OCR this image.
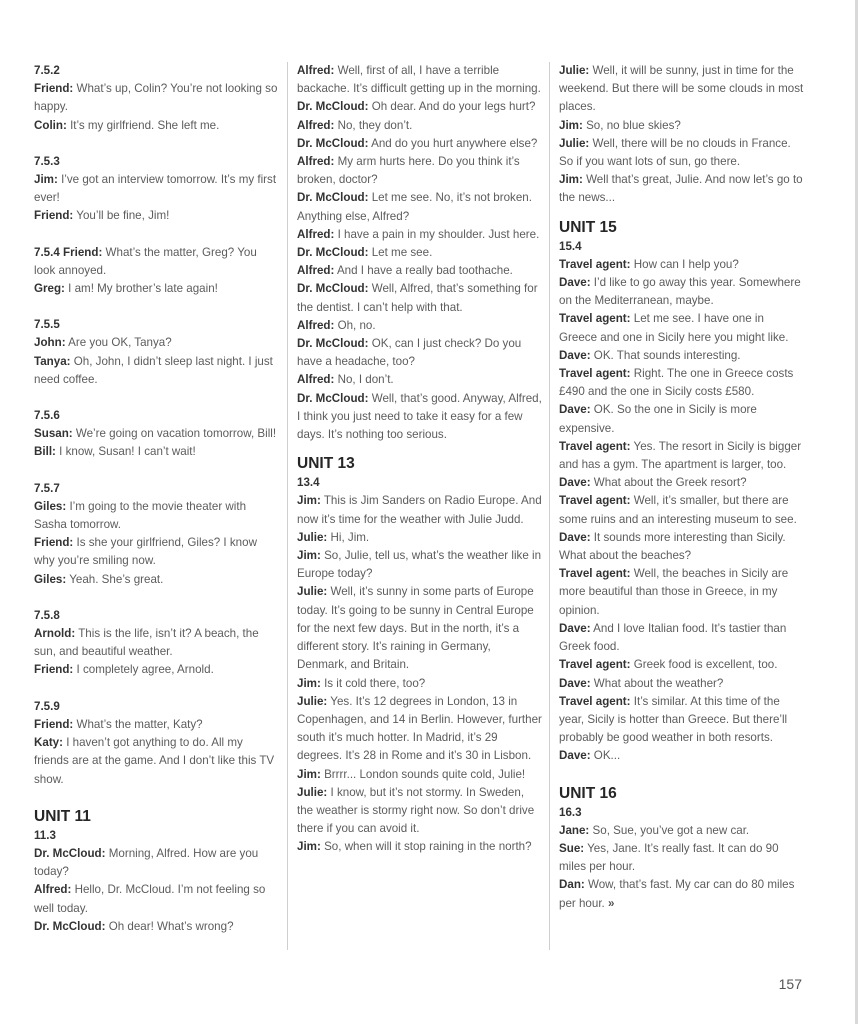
7.5.2
Friend: What’s up, Colin? You’re not looking so happy.
Colin: It’s my girlfriend. She left me.
7.5.3
Jim: I’ve got an interview tomorrow. It’s my first ever!
Friend: You’ll be fine, Jim!
7.5.4 Friend: What’s the matter, Greg? You look annoyed.
Greg: I am! My brother’s late again!
7.5.5
John: Are you OK, Tanya?
Tanya: Oh, John, I didn’t sleep last night. I just need coffee.
7.5.6
Susan: We’re going on vacation tomorrow, Bill!
Bill: I know, Susan! I can’t wait!
7.5.7
Giles: I’m going to the movie theater with Sasha tomorrow.
Friend: Is she your girlfriend, Giles? I know why you’re smiling now.
Giles: Yeah. She’s great.
7.5.8
Arnold: This is the life, isn’t it? A beach, the sun, and beautiful weather.
Friend: I completely agree, Arnold.
7.5.9
Friend: What’s the matter, Katy?
Katy: I haven’t got anything to do. All my friends are at the game. And I don’t like this TV show.
UNIT 11
11.3
Dr. McCloud: Morning, Alfred. How are you today?
Alfred: Hello, Dr. McCloud. I’m not feeling so well today.
Dr. McCloud: Oh dear! What’s wrong?
Alfred: Well, first of all, I have a terrible backache. It’s difficult getting up in the morning.
Dr. McCloud: Oh dear. And do your legs hurt?
Alfred: No, they don’t.
Dr. McCloud: And do you hurt anywhere else?
Alfred: My arm hurts here. Do you think it’s broken, doctor?
Dr. McCloud: Let me see. No, it’s not broken. Anything else, Alfred?
Alfred: I have a pain in my shoulder. Just here.
Dr. McCloud: Let me see.
Alfred: And I have a really bad toothache.
Dr. McCloud: Well, Alfred, that’s something for the dentist. I can’t help with that.
Alfred: Oh, no.
Dr. McCloud: OK, can I just check? Do you have a headache, too?
Alfred: No, I don’t.
Dr. McCloud: Well, that’s good. Anyway, Alfred, I think you just need to take it easy for a few days. It’s nothing too serious.
UNIT 13
13.4
Jim: This is Jim Sanders on Radio Europe. And now it’s time for the weather with Julie Judd.
Julie: Hi, Jim.
Jim: So, Julie, tell us, what’s the weather like in Europe today?
Julie: Well, it’s sunny in some parts of Europe today. It’s going to be sunny in Central Europe for the next few days. But in the north, it’s a different story. It’s raining in Germany, Denmark, and Britain.
Jim: Is it cold there, too?
Julie: Yes. It’s 12 degrees in London, 13 in Copenhagen, and 14 in Berlin. However, further south it’s much hotter. In Madrid, it’s 29 degrees. It’s 28 in Rome and it’s 30 in Lisbon.
Jim: Brrrr... London sounds quite cold, Julie!
Julie: I know, but it’s not stormy. In Sweden, the weather is stormy right now. So don’t drive there if you can avoid it.
Jim: So, when will it stop raining in the north?
Julie: Well, it will be sunny, just in time for the weekend. But there will be some clouds in most places.
Jim: So, no blue skies?
Julie: Well, there will be no clouds in France. So if you want lots of sun, go there.
Jim: Well that’s great, Julie. And now let’s go to the news...
UNIT 15
15.4
Travel agent: How can I help you?
Dave: I’d like to go away this year. Somewhere on the Mediterranean, maybe.
Travel agent: Let me see. I have one in Greece and one in Sicily here you might like.
Dave: OK. That sounds interesting.
Travel agent: Right. The one in Greece costs £490 and the one in Sicily costs £580.
Dave: OK. So the one in Sicily is more expensive.
Travel agent: Yes. The resort in Sicily is bigger and has a gym. The apartment is larger, too.
Dave: What about the Greek resort?
Travel agent: Well, it’s smaller, but there are some ruins and an interesting museum to see.
Dave: It sounds more interesting than Sicily. What about the beaches?
Travel agent: Well, the beaches in Sicily are more beautiful than those in Greece, in my opinion.
Dave: And I love Italian food. It’s tastier than Greek food.
Travel agent: Greek food is excellent, too.
Dave: What about the weather?
Travel agent: It’s similar. At this time of the year, Sicily is hotter than Greece. But there’ll probably be good weather in both resorts.
Dave: OK...
UNIT 16
16.3
Jane: So, Sue, you’ve got a new car.
Sue: Yes, Jane. It’s really fast. It can do 90 miles per hour.
Dan: Wow, that’s fast. My car can do 80 miles per hour. »
157
